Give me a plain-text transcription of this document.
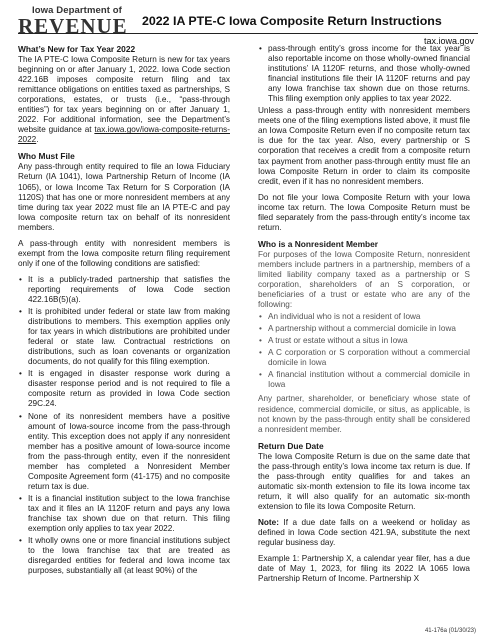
Iowa Department of
REVENUE 2022 IA PTE-C Iowa Composite Return Instructions
tax.iowa.gov
What’s New for Tax Year 2022

The IA PTE-C Iowa Composite Return is new for tax years beginning on or after January 1, 2022. Iowa Code section 422.16B imposes composite return filing and tax remittance obligations on entities taxed as partnerships, S corporations, estates, or trusts (i.e., “pass-through entities”) for tax years beginning on or after January 1, 2022. For additional information, see the Department’s website guidance at tax.iowa.gov/iowa-composite-returns-2022.

Who Must File

Any pass-through entity required to file an Iowa Fiduciary Return (IA 1041), Iowa Partnership Return of Income (IA 1065), or Iowa Income Tax Return for S Corporation (IA 1120S) that has one or more nonresident members at any time during tax year 2022 must file an IA PTE-C and pay Iowa composite return tax on behalf of its nonresident members.

A pass-through entity with nonresident members is exempt from the Iowa composite return filing requirement only if one of the following conditions are satisfied:

• It is a publicly-traded partnership that satisfies the reporting requirements of Iowa Code section 422.16B(5)(a).
• It is prohibited under federal or state law from making distributions to members. This exemption applies only for tax years in which distributions are prohibited under federal or state law. Contractual restrictions on distributions, such as loan covenants or organization documents, do not qualify for this filing exemption.
• It is engaged in disaster response work during a disaster response period and is not required to file a composite return as provided in Iowa Code section 29C.24.
• None of its nonresident members have a positive amount of Iowa-source income from the pass-through entity. This exception does not apply if any nonresident member has a positive amount of Iowa-source income from the pass-through entity, even if the nonresident member has completed a Nonresident Member Composite Agreement form (41-175) and no composite return tax is due.
• It is a financial institution subject to the Iowa franchise tax and it files an IA 1120F return and pays any Iowa franchise tax shown due on that return. This filing exemption only applies to tax year 2022.
• It wholly owns one or more financial institutions subject to the Iowa franchise tax that are treated as disregarded entities for federal and Iowa income tax purposes, substantially all (at least 90%) of the
• pass-through entity’s gross income for the tax year is also reportable income on those wholly-owned financial institutions’ IA 1120F returns, and those wholly-owned financial institutions file their IA 1120F returns and pay any Iowa franchise tax shown due on those returns. This filing exemption only applies to tax year 2022.

Unless a pass-through entity with nonresident members meets one of the filing exemptions listed above, it must file an Iowa Composite Return even if no composite return tax is due for the tax year. Also, every partnership or S corporation that receives a credit from a composite return tax payment from another pass-through entity must file an Iowa Composite Return in order to claim its composite credit, even if it has no nonresident members.

Do not file your Iowa Composite Return with your Iowa income tax return. The Iowa Composite Return must be filed separately from the pass-through entity’s income tax return.

Who is a Nonresident Member

For purposes of the Iowa Composite Return, nonresident members include partners in a partnership, members of a limited liability company taxed as a partnership or S corporation, shareholders of an S corporation, or beneficiaries of a trust or estate who are any of the following:

• An individual who is not a resident of Iowa
• A partnership without a commercial domicile in Iowa
• A trust or estate without a situs in Iowa
• A C corporation or S corporation without a commercial domicile in Iowa
• A financial institution without a commercial domicile in Iowa

Any partner, shareholder, or beneficiary whose state of residence, commercial domicile, or situs, as applicable, is not known by the pass-through entity shall be considered a nonresident member.

Return Due Date

The Iowa Composite Return is due on the same date that the pass-through entity’s Iowa income tax return is due. If the pass-through entity qualifies for and takes an automatic six-month extension to file its Iowa income tax return, it will also qualify for an automatic six-month extension to file its Iowa Composite Return.

Note: If a due date falls on a weekend or holiday as defined in Iowa Code section 421.9A, substitute the next regular business day.

Example 1: Partnership X, a calendar year filer, has a due date of May 1, 2023, for filing its 2022 IA 1065 Iowa Partnership Return of Income. Partnership X

41-176a (01/30/23)
